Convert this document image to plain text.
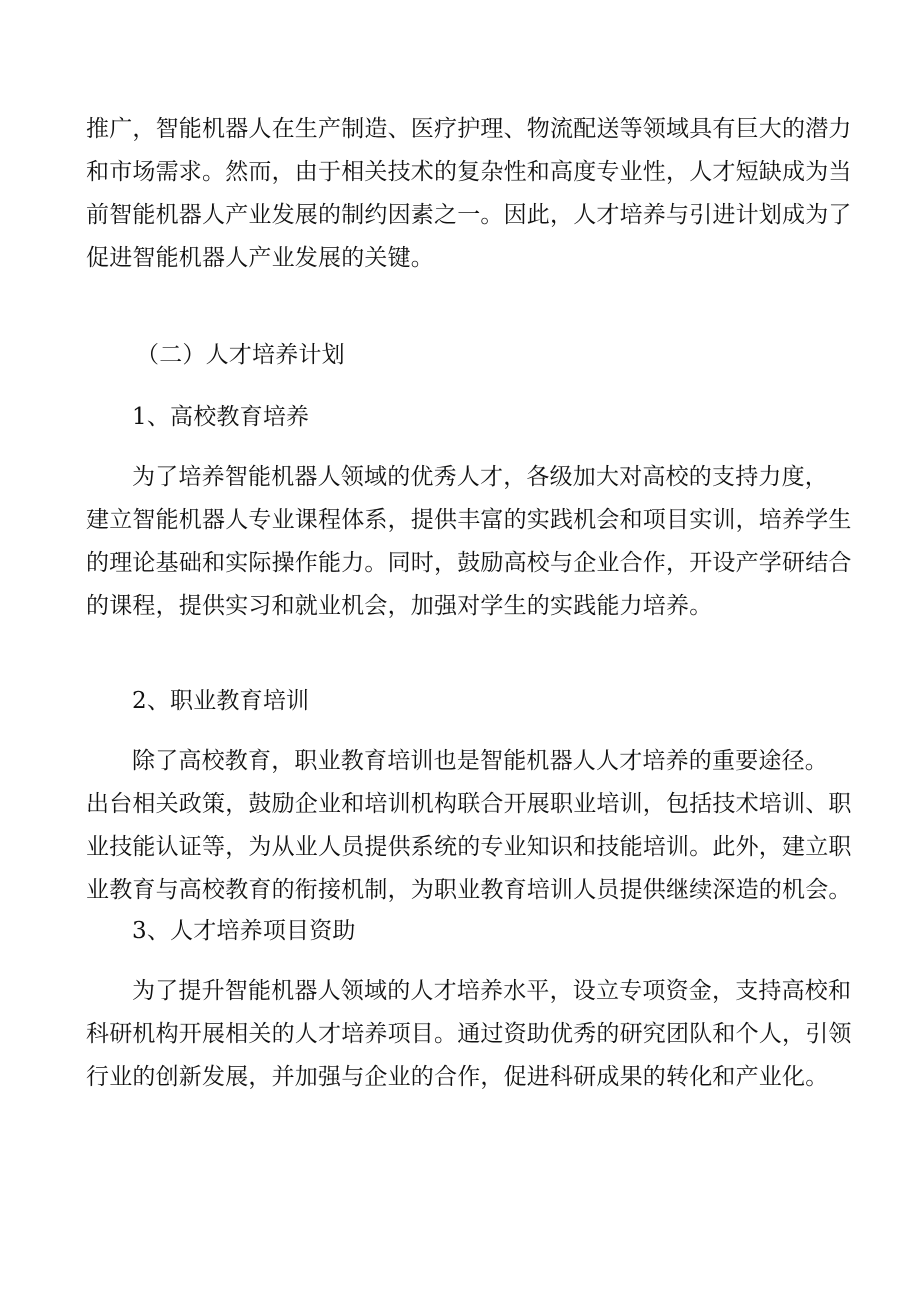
推广，智能机器人在生产制造、医疗护理、物流配送等领域具有巨大的潜力
和市场需求。然而，由于相关技术的复杂性和高度专业性，人才短缺成为当
前智能机器人产业发展的制约因素之一。因此，人才培养与引进计划成为了
促进智能机器人产业发展的关键。
（二）人才培养计划
1、高校教育培养
为了培养智能机器人领域的优秀人才，各级加大对高校的支持力度，
建立智能机器人专业课程体系，提供丰富的实践机会和项目实训，培养学生
的理论基础和实际操作能力。同时，鼓励高校与企业合作，开设产学研结合
的课程，提供实习和就业机会，加强对学生的实践能力培养。
2、职业教育培训
除了高校教育，职业教育培训也是智能机器人人才培养的重要途径。
出台相关政策，鼓励企业和培训机构联合开展职业培训，包括技术培训、职
业技能认证等，为从业人员提供系统的专业知识和技能培训。此外，建立职
业教育与高校教育的衔接机制，为职业教育培训人员提供继续深造的机会。
3、人才培养项目资助
为了提升智能机器人领域的人才培养水平，设立专项资金，支持高校和
科研机构开展相关的人才培养项目。通过资助优秀的研究团队和个人，引领
行业的创新发展，并加强与企业的合作，促进科研成果的转化和产业化。
